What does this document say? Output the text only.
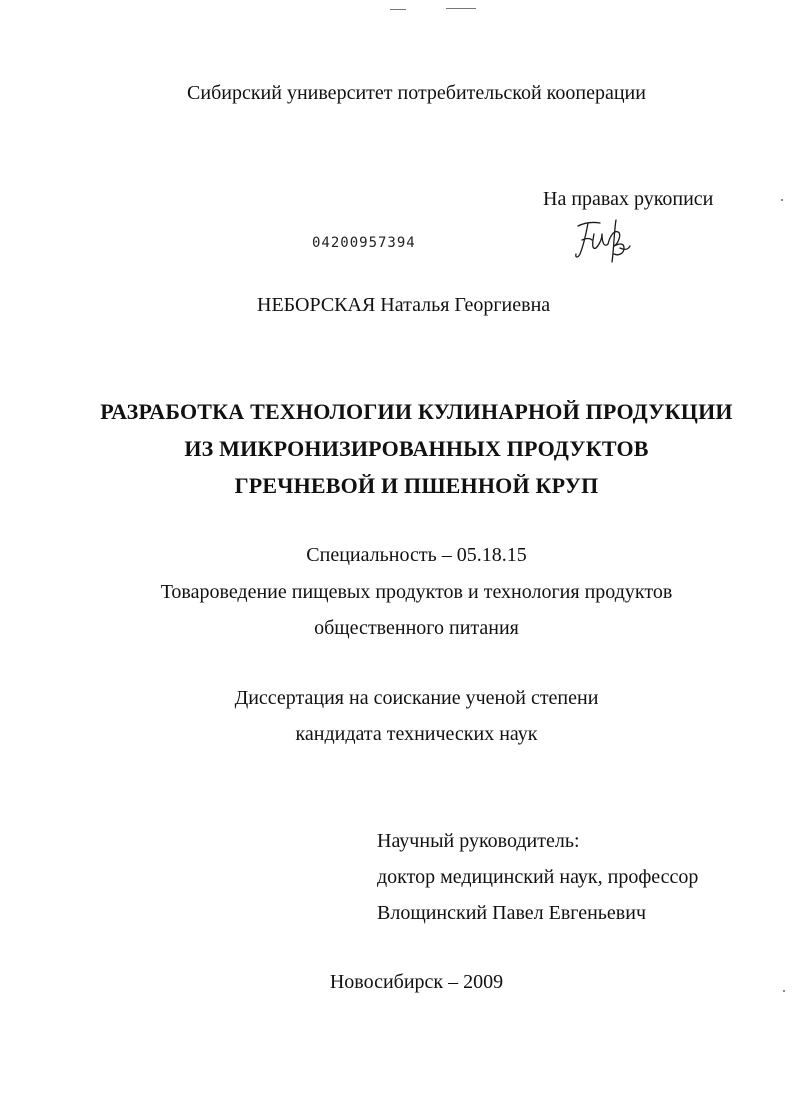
Сибирский университет потребительской кооперации
На правах рукописи
04200957394
НЕБОРСКАЯ Наталья Георгиевна
РАЗРАБОТКА ТЕХНОЛОГИИ КУЛИНАРНОЙ ПРОДУКЦИИ
ИЗ МИКРОНИЗИРОВАННЫХ ПРОДУКТОВ
ГРЕЧНЕВОЙ И ПШЕННОЙ КРУП
Специальность – 05.18.15
Товароведение пищевых продуктов и технология продуктов
общественного питания
Диссертация на соискание ученой степени
кандидата технических наук
Научный руководитель:
доктор медицинский наук, профессор
Влощинский Павел Евгеньевич
Новосибирск – 2009
